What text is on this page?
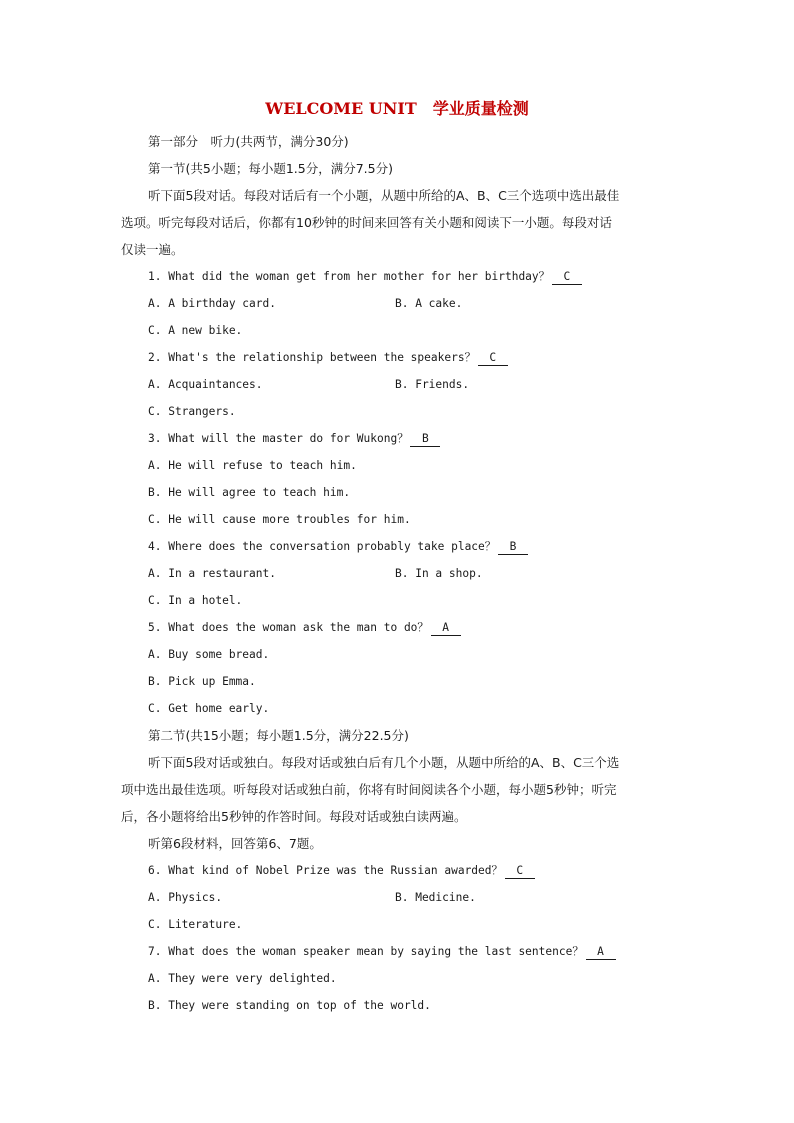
WELCOME UNIT 学业质量检测
第一部分　听力(共两节，满分30分)
第一节(共5小题；每小题1.5分，满分7.5分)
听下面5段对话。每段对话后有一个小题，从题中所给的A、B、C三个选项中选出最佳
选项。听完每段对话后，你都有10秒钟的时间来回答有关小题和阅读下一小题。每段对话
仅读一遍。
1. What did the woman get from her mother for her birthday？ C
A. A birthday card.	B. A cake.
C. A new bike.
2. What's the relationship between the speakers？ C
A. Acquaintances.	B. Friends.
C. Strangers.
3. What will the master do for Wukong？ B
A. He will refuse to teach him.
B. He will agree to teach him.
C. He will cause more troubles for him.
4. Where does the conversation probably take place？ B
A. In a restaurant.	B. In a shop.
C. In a hotel.
5. What does the woman ask the man to do？ A
A. Buy some bread.
B. Pick up Emma.
C. Get home early.
第二节(共15小题；每小题1.5分，满分22.5分)
听下面5段对话或独白。每段对话或独白后有几个小题，从题中所给的A、B、C三个选
项中选出最佳选项。听每段对话或独白前，你将有时间阅读各个小题，每小题5秒钟；听完
后，各小题将给出5秒钟的作答时间。每段对话或独白读两遍。
听第6段材料，回答第6、7题。
6. What kind of Nobel Prize was the Russian awarded？ C
A. Physics.	B. Medicine.
C. Literature.
7. What does the woman speaker mean by saying the last sentence？ A
A. They were very delighted.
B. They were standing on top of the world.
